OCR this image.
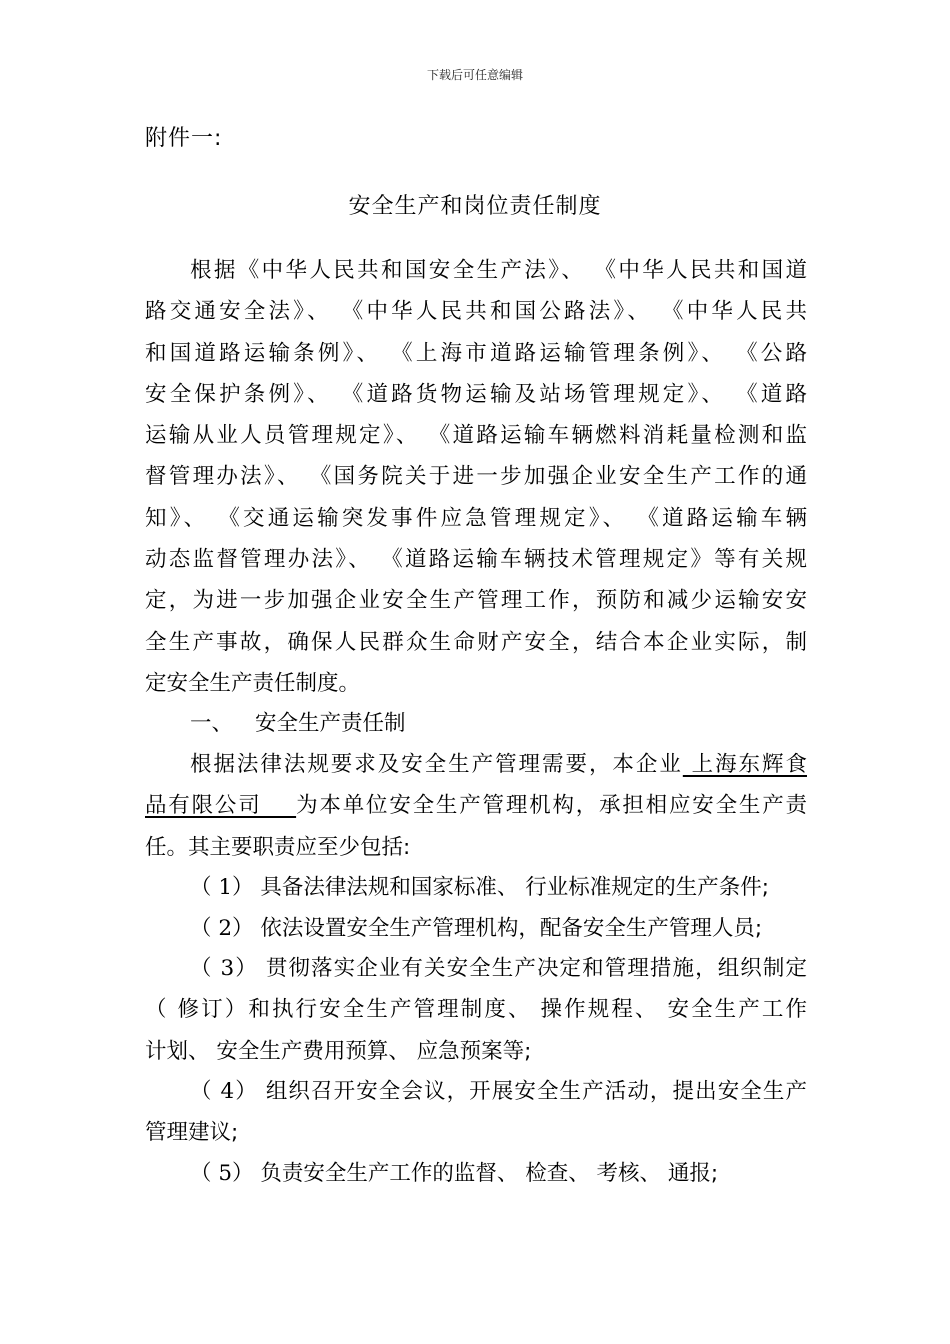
下载后可任意编辑
附件一:
安全生产和岗位责任制度
根据《中华人民共和国安全生产法》、 《中华人民共和国道
路交通安全法》、 《中华人民共和国公路法》、 《中华人民共
和国道路运输条例》、 《上海市道路运输管理条例》、 《公路
安全保护条例》、 《道路货物运输及站场管理规定》、 《道路
运输从业人员管理规定》、 《道路运输车辆燃料消耗量检测和监
督管理办法》、 《国务院关于进一步加强企业安全生产工作的通
知》、 《交通运输突发事件应急管理规定》、 《道路运输车辆
动态监督管理办法》、 《道路运输车辆技术管理规定》等有关规
定，为进一步加强企业安全生产管理工作，预防和减少运输安安
全生产事故，确保人民群众生命财产安全，结合本企业实际，制
定安全生产责任制度。
一、 安全生产责任制
根据法律法规要求及安全生产管理需要，本企业 上海东辉食
品有限公司    为本单位安全生产管理机构，承担相应安全生产责
任。其主要职责应至少包括:
（ 1） 具备法律法规和国家标准、 行业标准规定的生产条件;
（ 2） 依法设置安全生产管理机构，配备安全生产管理人员;
（ 3） 贯彻落实企业有关安全生产决定和管理措施，组织制定
（ 修订）和执行安全生产管理制度、 操作规程、 安全生产工作
计划、 安全生产费用预算、 应急预案等;
（ 4） 组织召开安全会议，开展安全生产活动，提出安全生产
管理建议;
（ 5） 负责安全生产工作的监督、 检查、 考核、 通报;
